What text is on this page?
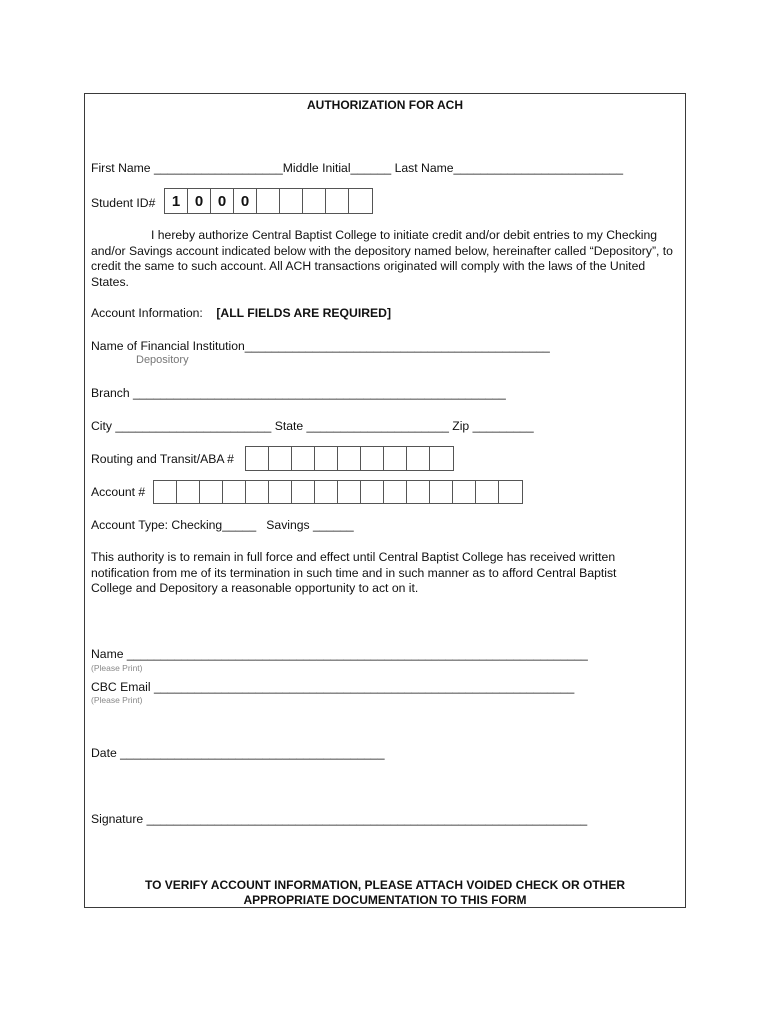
AUTHORIZATION FOR ACH
First Name ___________________Middle Initial______ Last Name_________________________
Student ID#	1 0 0 0
I hereby authorize Central Baptist College to initiate credit and/or debit entries to my Checking and/or Savings account indicated below with the depository named below, hereinafter called “Depository”, to credit the same to such account. All ACH transactions originated will comply with the laws of the United States.
Account Information: [ALL FIELDS ARE REQUIRED]
Name of Financial Institution_____________________________________________
Depository
Branch _______________________________________________________
City _______________________ State _____________________ Zip _________
Routing and Transit/ABA #
Account #
Account Type: Checking_____ Savings ______
This authority is to remain in full force and effect until Central Baptist College has received written notification from me of its termination in such time and in such manner as to afford Central Baptist College and Depository a reasonable opportunity to act on it.
Name ____________________________________________________________________
(Please Print)
CBC Email ______________________________________________________________
(Please Print)
Date _______________________________________
Signature _________________________________________________________________
TO VERIFY ACCOUNT INFORMATION, PLEASE ATTACH VOIDED CHECK OR OTHER
APPROPRIATE DOCUMENTATION TO THIS FORM
